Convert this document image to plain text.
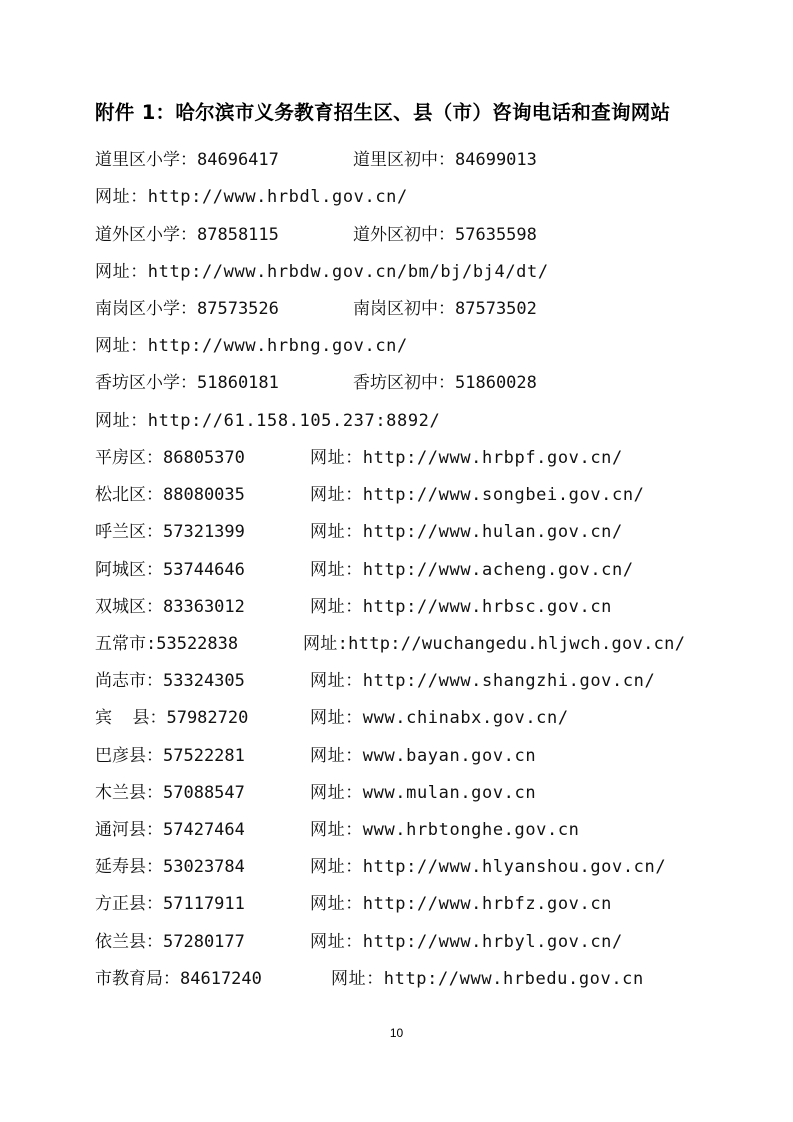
附件 1：哈尔滨市义务教育招生区、县（市）咨询电话和查询网站
道里区小学：84696417	道里区初中：84699013
网址：http://www.hrbdl.gov.cn/
道外区小学：87858115	道外区初中：57635598
网址：http://www.hrbdw.gov.cn/bm/bj/bj4/dt/
南岗区小学：87573526	南岗区初中：87573502
网址：http://www.hrbng.gov.cn/
香坊区小学：51860181	香坊区初中：51860028
网址：http://61.158.105.237:8892/
平房区：86805370	网址：http://www.hrbpf.gov.cn/
松北区：88080035	网址：http://www.songbei.gov.cn/
呼兰区：57321399	网址：http://www.hulan.gov.cn/
阿城区：53744646	网址：http://www.acheng.gov.cn/
双城区：83363012	网址：http://www.hrbsc.gov.cn
五常市:53522838	网址:http://wuchangedu.hljwch.gov.cn/
尚志市：53324305	网址：http://www.shangzhi.gov.cn/
宾  县：57982720	网址：www.chinabx.gov.cn/
巴彦县：57522281	网址：www.bayan.gov.cn
木兰县：57088547	网址：www.mulan.gov.cn
通河县：57427464	网址：www.hrbtonghe.gov.cn
延寿县：53023784	网址：http://www.hlyanshou.gov.cn/
方正县：57117911	网址：http://www.hrbfz.gov.cn
依兰县：57280177	网址：http://www.hrbyl.gov.cn/
市教育局：84617240	网址：http://www.hrbedu.gov.cn
10
